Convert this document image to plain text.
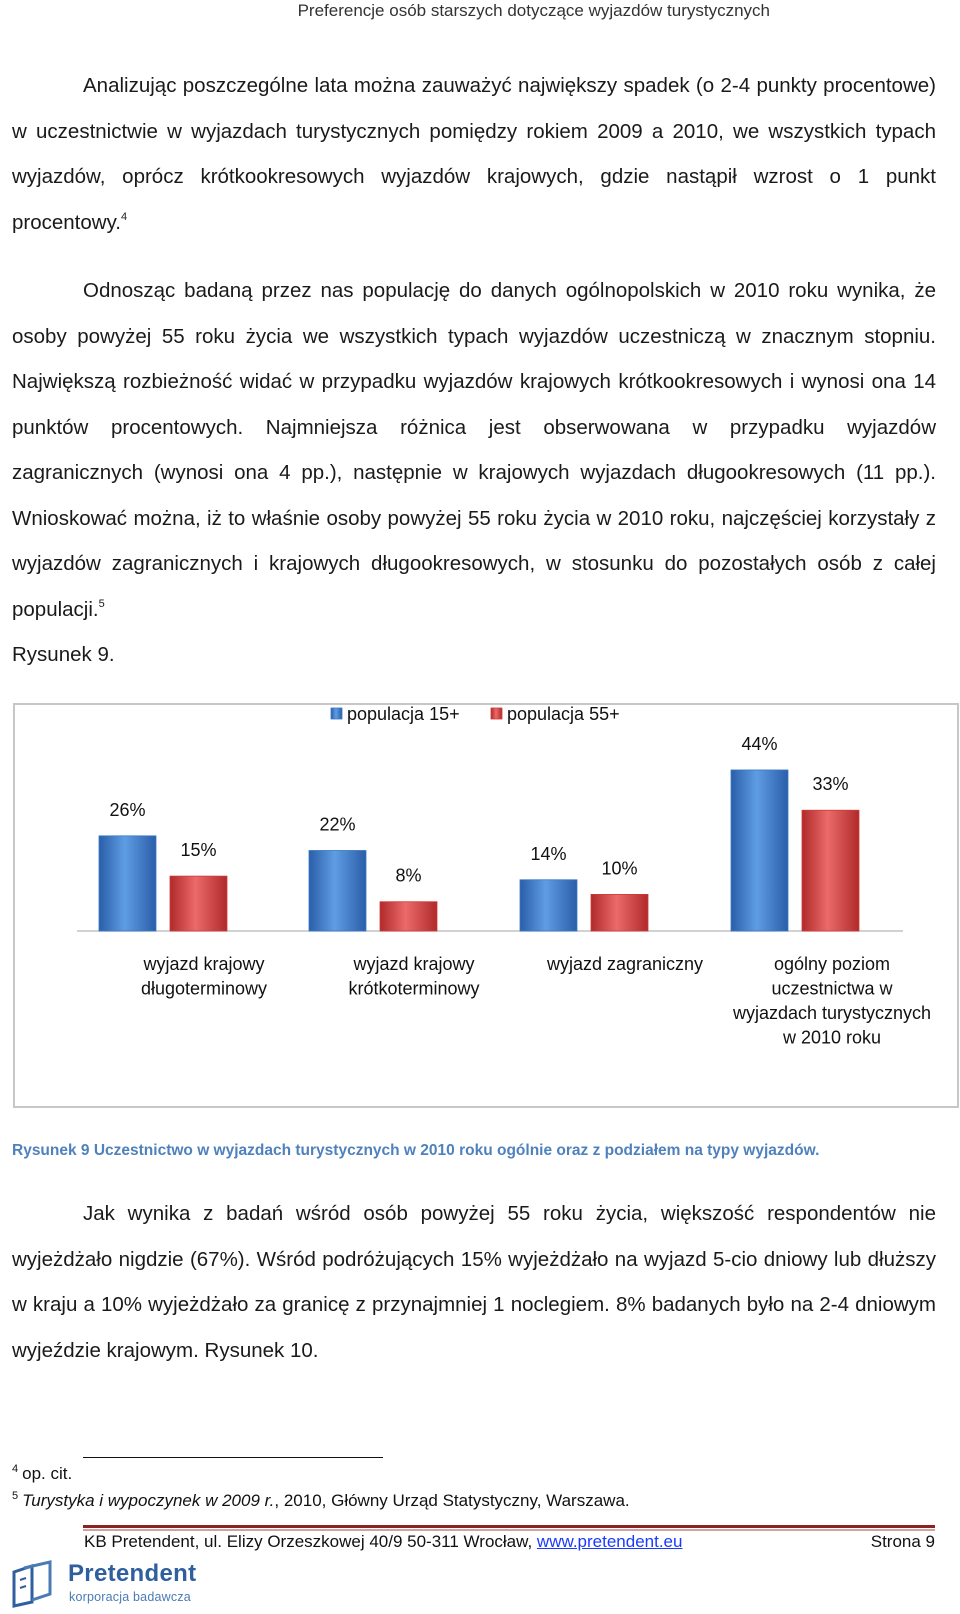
Preferencje osób starszych dotyczące wyjazdów turystycznych
Analizując poszczególne lata można zauważyć największy spadek (o 2-4 punkty procentowe) w uczestnictwie w wyjazdach turystycznych pomiędzy rokiem 2009 a 2010, we wszystkich typach wyjazdów, oprócz krótkookresowych wyjazdów krajowych, gdzie nastąpił wzrost o 1 punkt procentowy.$^4$
Odnosząc badaną przez nas populację do danych ogólnopolskich w 2010 roku wynika, że osoby powyżej 55 roku życia we wszystkich typach wyjazdów uczestniczą w znacznym stopniu. Największą rozbieżność widać w przypadku wyjazdów krajowych krótkookresowych i wynosi ona 14 punktów procentowych. Najmniejsza różnica jest obserwowana w przypadku wyjazdów zagranicznych (wynosi ona 4 pp.), następnie w krajowych wyjazdach długookresowych (11 pp.). Wnioskować można, iż to właśnie osoby powyżej 55 roku życia w 2010 roku, najczęściej korzystały z wyjazdów zagranicznych i krajowych długookresowych, w stosunku do pozostałych osób z całej populacji.$^5$
Rysunek 9.
26%
22%
14%
44%
15%
8%	10%
33%
wyjazd krajowy
długoterminowy
wyjazd krajowy
krótkoterminowy
wyjazd zagraniczny	ogólny poziom
uczestnictwa w
wyjazdach turystycznych
w 2010 roku
populacja 15+	populacja 55+
Rysunek 9 Uczestnictwo w wyjazdach turystycznych w 2010 roku ogólnie oraz z podziałem na typy wyjazdów.
Jak wynika z badań wśród osób powyżej 55 roku życia, większość respondentów nie wyjeżdżało nigdzie (67%). Wśród podróżujących 15% wyjeżdżało na wyjazd 5-cio dniowy lub dłuższy w kraju a 10% wyjeżdżało za granicę z przynajmniej 1 noclegiem. 8% badanych było na 2-4 dniowym wyjeździe krajowym. Rysunek 10.
$^4$ op. cit.
$^5$ Turystyka i wypoczynek w 2009 r., 2010, Główny Urząd Statystyczny, Warszawa.
KB Pretendent, ul. Elizy Orzeszkowej 40/9 50-311 Wrocław, www.pretendent.eu	Strona 9
Pretendent
korporacja badawcza
